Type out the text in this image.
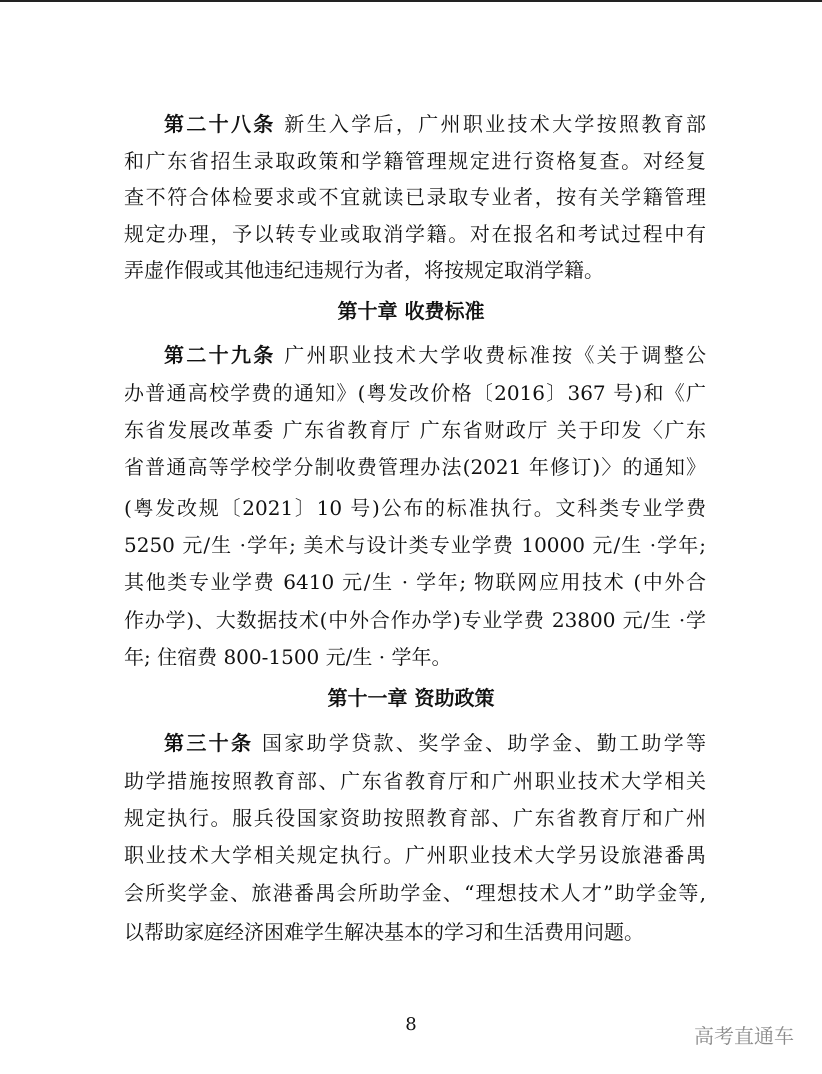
第二十八条 新生入学后，广州职业技术大学按照教育部
和广东省招生录取政策和学籍管理规定进行资格复查。对经复
查不符合体检要求或不宜就读已录取专业者，按有关学籍管理
规定办理，予以转专业或取消学籍。对在报名和考试过程中有
弄虚作假或其他违纪违规行为者，将按规定取消学籍。
第十章 收费标准
第二十九条 广州职业技术大学收费标准按《关于调整公
办普通高校学费的通知》(粤发改价格〔2016〕367 号)和《广
东省发展改革委 广东省教育厅 广东省财政厅 关于印发〈广东
省普通高等学校学分制收费管理办法(2021 年修订)〉的通知》
(粤发改规〔2021〕10 号)公布的标准执行。文科类专业学费
5250 元/生 ·学年; 美术与设计类专业学费 10000 元/生 ·学年;
其他类专业学费 6410 元/生 · 学年; 物联网应用技术 (中外合
作办学)、大数据技术(中外合作办学)专业学费 23800 元/生 ·学
年; 住宿费 800-1500 元/生 · 学年。
第十一章 资助政策
第三十条 国家助学贷款、奖学金、助学金、勤工助学等
助学措施按照教育部、广东省教育厅和广州职业技术大学相关
规定执行。服兵役国家资助按照教育部、广东省教育厅和广州
职业技术大学相关规定执行。广州职业技术大学另设旅港番禺
会所奖学金、旅港番禺会所助学金、“理想技术人才”助学金等,
以帮助家庭经济困难学生解决基本的学习和生活费用问题。
8	高考直通车
